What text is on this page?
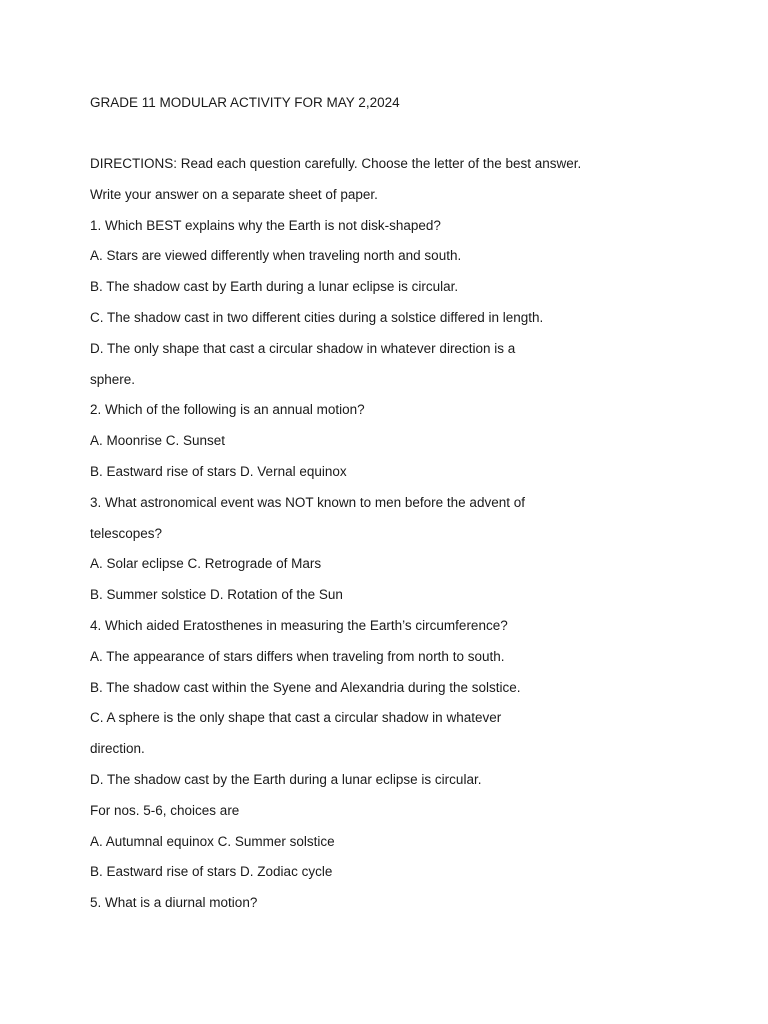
GRADE 11 MODULAR ACTIVITY FOR MAY 2,2024
DIRECTIONS: Read each question carefully. Choose the letter of the best answer.
Write your answer on a separate sheet of paper.
1. Which BEST explains why the Earth is not disk-shaped?
A. Stars are viewed differently when traveling north and south.
B. The shadow cast by Earth during a lunar eclipse is circular.
C. The shadow cast in two different cities during a solstice differed in length.
D. The only shape that cast a circular shadow in whatever direction is a
sphere.
2. Which of the following is an annual motion?
A. Moonrise C. Sunset
B. Eastward rise of stars D. Vernal equinox
3. What astronomical event was NOT known to men before the advent of
telescopes?
A. Solar eclipse C. Retrograde of Mars
B. Summer solstice D. Rotation of the Sun
4. Which aided Eratosthenes in measuring the Earth’s circumference?
A. The appearance of stars differs when traveling from north to south.
B. The shadow cast within the Syene and Alexandria during the solstice.
C. A sphere is the only shape that cast a circular shadow in whatever
direction.
D. The shadow cast by the Earth during a lunar eclipse is circular.
For nos. 5-6, choices are
A. Autumnal equinox C. Summer solstice
B. Eastward rise of stars D. Zodiac cycle
5. What is a diurnal motion?
